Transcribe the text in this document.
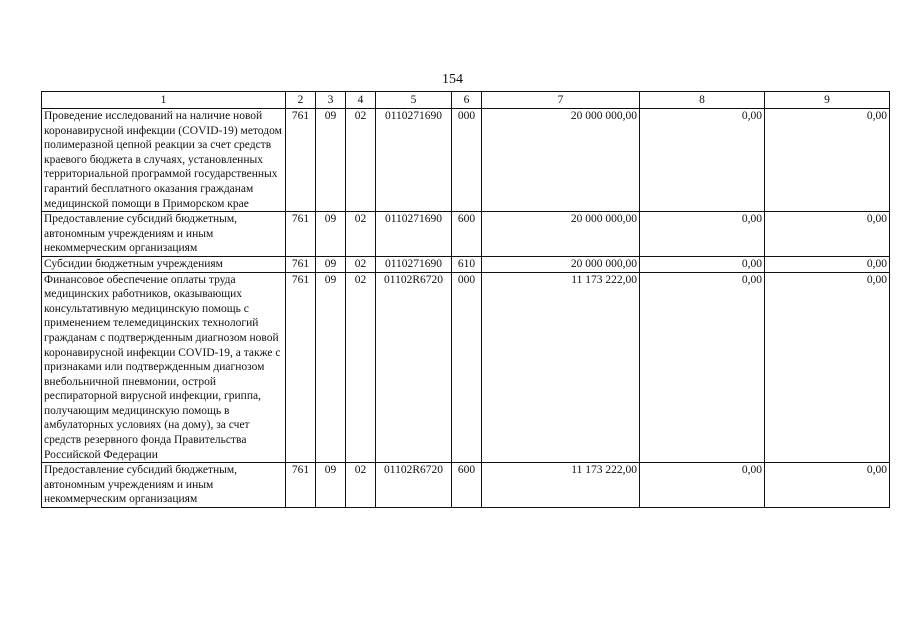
154
1	2	3	4	5	6	7	8	9
Проведение исследований на наличие новой коронавирусной инфекции (COVID-19) методом полимеразной цепной реакции за счет средств краевого бюджета в случаях, установленных территориальной программой государственных гарантий бесплатного оказания гражданам медицинской помощи в Приморском крае	761	09	02	0110271690	000	20 000 000,00	0,00	0,00
Предоставление субсидий бюджетным, автономным учреждениям и иным некоммерческим организациям	761	09	02	0110271690	600	20 000 000,00	0,00	0,00
Субсидии бюджетным учреждениям	761	09	02	0110271690	610	20 000 000,00	0,00	0,00
Финансовое обеспечение оплаты труда медицинских работников, оказывающих консультативную медицинскую помощь с применением телемедицинских технологий гражданам с подтвержденным диагнозом новой коронавирусной инфекции COVID-19, а также с признаками или подтвержденным диагнозом внебольничной пневмонии, острой респираторной вирусной инфекции, гриппа, получающим медицинскую помощь в амбулаторных условиях (на дому), за счет средств резервного фонда Правительства Российской Федерации	761	09	02	01102R6720	000	11 173 222,00	0,00	0,00
Предоставление субсидий бюджетным, автономным учреждениям и иным некоммерческим организациям	761	09	02	01102R6720	600	11 173 222,00	0,00	0,00
